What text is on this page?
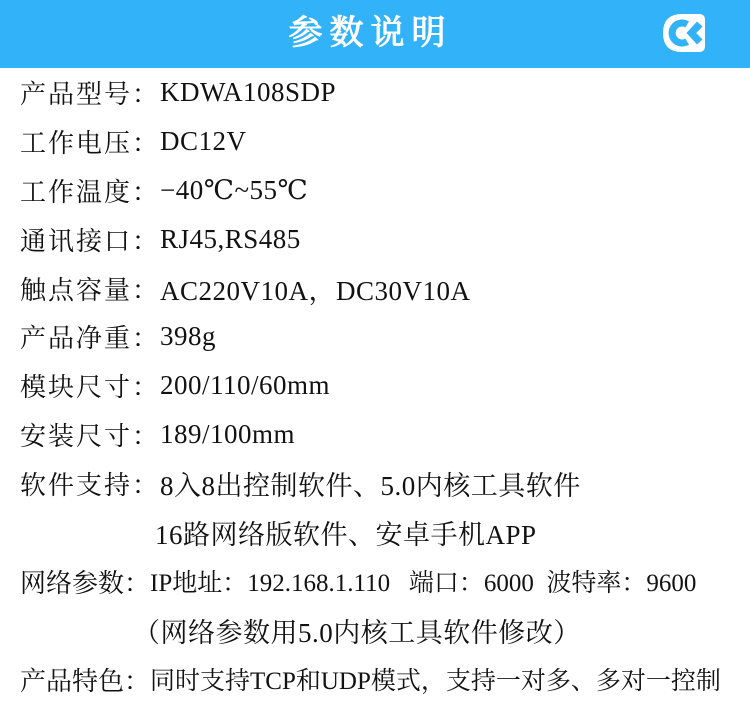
参数说明
产品型号： KDWA108SDP
工作电压： DC12V
工作温度： −40℃~55℃
通讯接口： RJ45,RS485
触点容量： AC220V10A，DC30V10A
产品净重： 398g
模块尺寸： 200/110/60mm
安装尺寸： 189/100mm
软件支持： 8入8出控制软件、5.0内核工具软件
16路网络版软件、安卓手机APP
网络参数： IP地址：192.168.1.110   端口：6000  波特率：9600
（网络参数用5.0内核工具软件修改）
产品特色： 同时支持TCP和UDP模式，支持一对多、多对一控制
